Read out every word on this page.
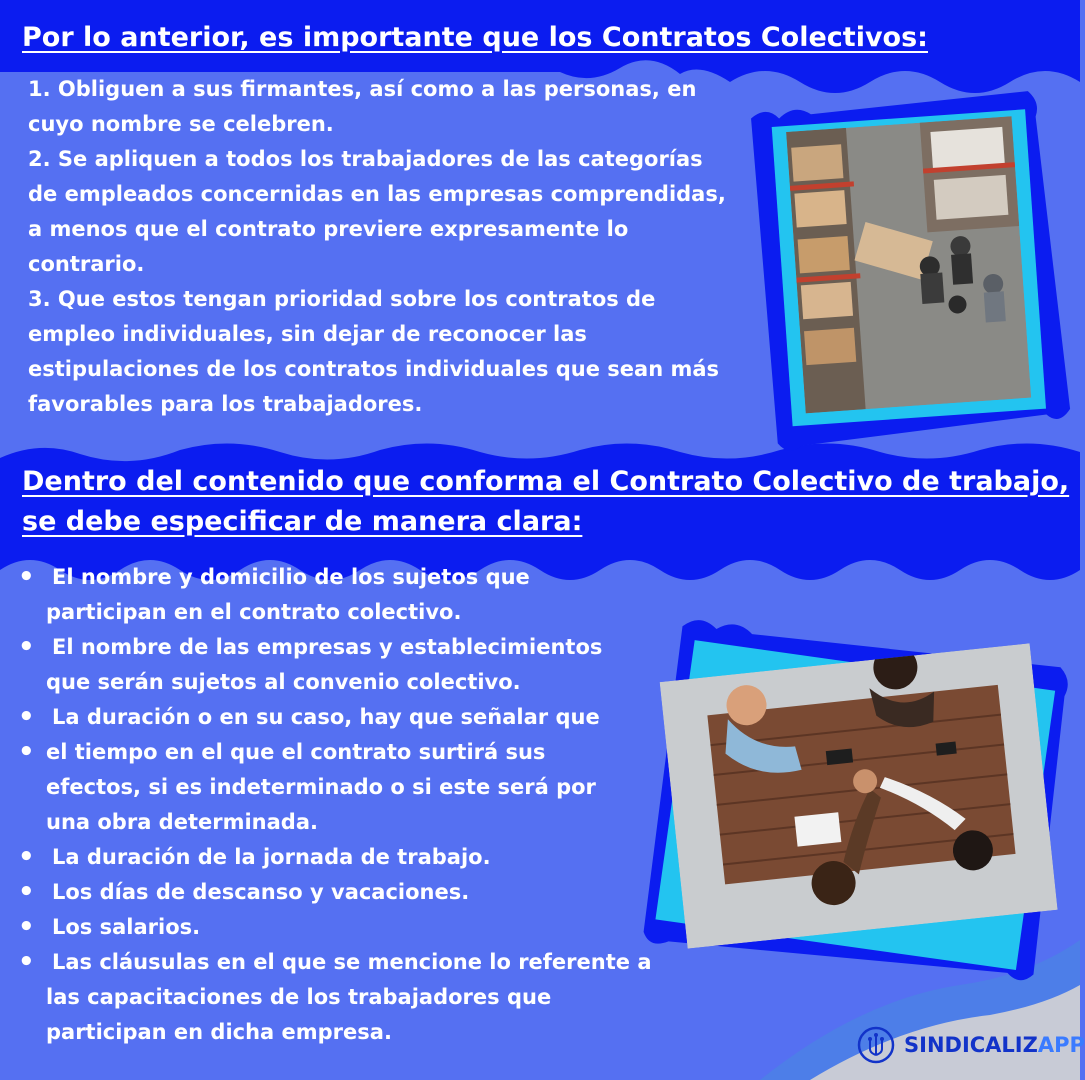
Por lo anterior, es importante que los Contratos Colectivos:

1. Obliguen a sus firmantes, así como a las personas, en cuyo nombre se celebren.

2. Se apliquen a todos los trabajadores de las categorías de empleados concernidas en las empresas comprendidas, a menos que el contrato previere expresamente lo contrario.

3. Que estos tengan prioridad sobre los contratos de empleo individuales, sin dejar de reconocer las estipulaciones de los contratos individuales que sean más favorables para los trabajadores.

Dentro del contenido que conforma el Contrato Colectivo de trabajo,
se debe especificar de manera clara:
• El nombre y domicilio de los sujetos que participan en el contrato colectivo.
• El nombre de las empresas y establecimientos que serán sujetos al convenio colectivo.
• La duración o en su caso, hay que señalar que
• el tiempo en el que el contrato surtirá sus efectos, si es indeterminado o si este será por una obra determinada.
• La duración de la jornada de trabajo.
• Los días de descanso y vacaciones.
• Los salarios.
• Las cláusulas en el que se mencione lo referente a las capacitaciones de los trabajadores que participan en dicha empresa.
SINDICALIZAPP
